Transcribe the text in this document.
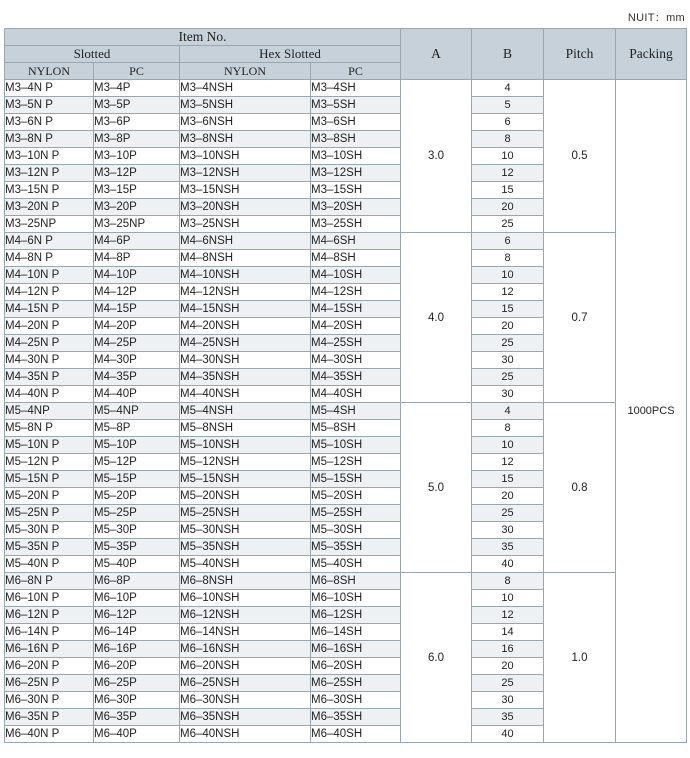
NUIT：mm
Item No.				A	B	Pitch	Packing
Slotted		Hex Slotted					
NYLON	PC	NYLON	PC				
M3–4N P	M3–4P	M3–4NSH	M3–4SH	3.0	4	0.5	1000PCS
M3–5N P	M3–5P	M3–5NSH	M3–5SH		5		
M3–6N P	M3–6P	M3–6NSH	M3–6SH		6		
M3–8N P	M3–8P	M3–8NSH	M3–8SH		8		
M3–10N P	M3–10P	M3–10NSH	M3–10SH		10		
M3–12N P	M3–12P	M3–12NSH	M3–12SH		12		
M3–15N P	M3–15P	M3–15NSH	M3–15SH		15		
M3–20N P	M3–20P	M3–20NSH	M3–20SH		20		
M3–25NP	M3–25NP	M3–25NSH	M3–25SH		25		
M4–6N P	M4–6P	M4–6NSH	M4–6SH	4.0	6	0.7	
M4–8N P	M4–8P	M4–8NSH	M4–8SH		8		
M4–10N P	M4–10P	M4–10NSH	M4–10SH		10		
M4–12N P	M4–12P	M4–12NSH	M4–12SH		12		
M4–15N P	M4–15P	M4–15NSH	M4–15SH		15		
M4–20N P	M4–20P	M4–20NSH	M4–20SH		20		
M4–25N P	M4–25P	M4–25NSH	M4–25SH		25		
M4–30N P	M4–30P	M4–30NSH	M4–30SH		30		
M4–35N P	M4–35P	M4–35NSH	M4–35SH		25		
M4–40N P	M4–40P	M4–40NSH	M4–40SH		30		
M5–4NP	M5–4NP	M5–4NSH	M5–4SH	5.0	4	0.8	
M5–8N P	M5–8P	M5–8NSH	M5–8SH		8		
M5–10N P	M5–10P	M5–10NSH	M5–10SH		10		
M5–12N P	M5–12P	M5–12NSH	M5–12SH		12		
M5–15N P	M5–15P	M5–15NSH	M5–15SH		15		
M5–20N P	M5–20P	M5–20NSH	M5–20SH		20		
M5–25N P	M5–25P	M5–25NSH	M5–25SH		25		
M5–30N P	M5–30P	M5–30NSH	M5–30SH		30		
M5–35N P	M5–35P	M5–35NSH	M5–35SH		35		
M5–40N P	M5–40P	M5–40NSH	M5–40SH		40		
M6–8N P	M6–8P	M6–8NSH	M6–8SH	6.0	8	1.0	
M6–10N P	M6–10P	M6–10NSH	M6–10SH		10		
M6–12N P	M6–12P	M6–12NSH	M6–12SH		12		
M6–14N P	M6–14P	M6–14NSH	M6–14SH		14		
M6–16N P	M6–16P	M6–16NSH	M6–16SH		16		
M6–20N P	M6–20P	M6–20NSH	M6–20SH		20		
M6–25N P	M6–25P	M6–25NSH	M6–25SH		25		
M6–30N P	M6–30P	M6–30NSH	M6–30SH		30		
M6–35N P	M6–35P	M6–35NSH	M6–35SH		35		
M6–40N P	M6–40P	M6–40NSH	M6–40SH		40		
